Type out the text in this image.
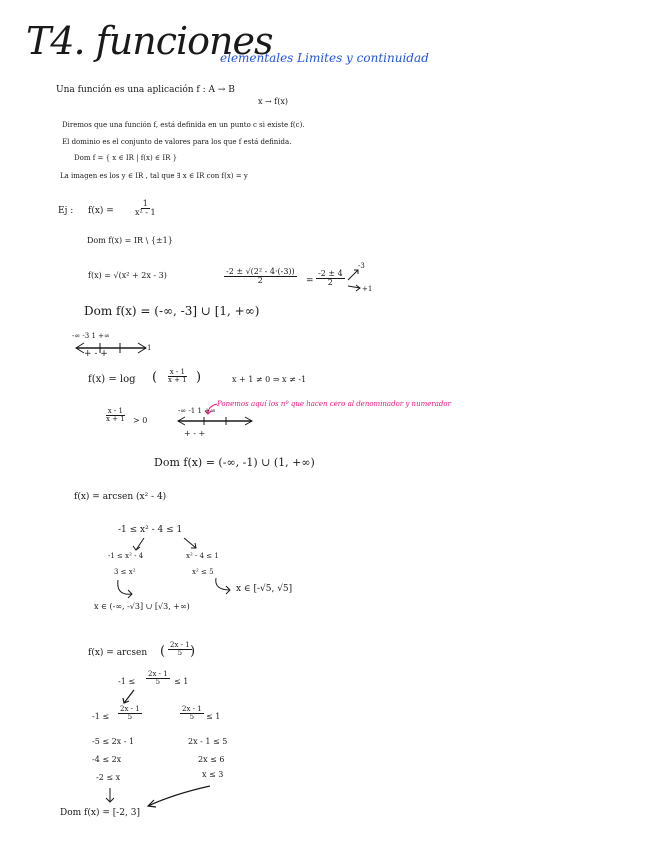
T4. funciones
elementales Limites y continuidad
Una función es una aplicación f : A → B
x → f(x)
Diremos que una función f, está definida en un punto c si existe f(c).
El dominio es el conjunto de valores para los que f está definida.
Dom f = { x ∈ IR | f(x) ∈ IR }
La imagen es los y ∈ IR , tal que ∃ x ∈ IR con f(x) = y
Ej : $f(x) = \frac{1}{\text{x² - 1}}$
Dom f(x) = IR \ {±1}
f(x) = √(x² + 2x - 3)	$\frac{\text{-2 ± √(2² - 4·(-3))}}{2} = \frac{-2 \pm 4}{2}$
-3
+1
Dom f(x) = (-∞, -3] ∪ [1, +∞)
-∞ -3 1 +∞
+ - +
1
f(x) = log ( $\frac{x - 1}{x + 1}$ )	x + 1 ≠ 0 ⇒ x ≠ -1
Ponemos aquí los nº que hacen cero al denominador y numerador
$\frac{x - 1}{x + 1} > 0$
-∞ -1 1 +∞
+ - +
Dom f(x) = (-∞, -1) ∪ (1, +∞)
f(x) = arcsen (x² - 4)
-1 ≤ x² - 4 ≤ 1
-1 ≤ x² - 4
3 ≤ x²
x² - 4 ≤ 1
x² ≤ 5
x ∈ [-√5, √5]
x ∈ (-∞, -√3] ∪ [√3, +∞)
f(x) = arcsen ( $\frac{2x - 1}{5}$
)
$-1 \le \frac{2x - 1}{5} \le 1$
$-1 \le \frac{2x - 1}{5}$	$\frac{2x - 1}{5} \le 1$
-5 ≤ 2x - 1
-4 ≤ 2x
-2 ≤ x
2x - 1 ≤ 5
2x ≤ 6
x ≤ 3
Dom f(x) = [-2, 3]
